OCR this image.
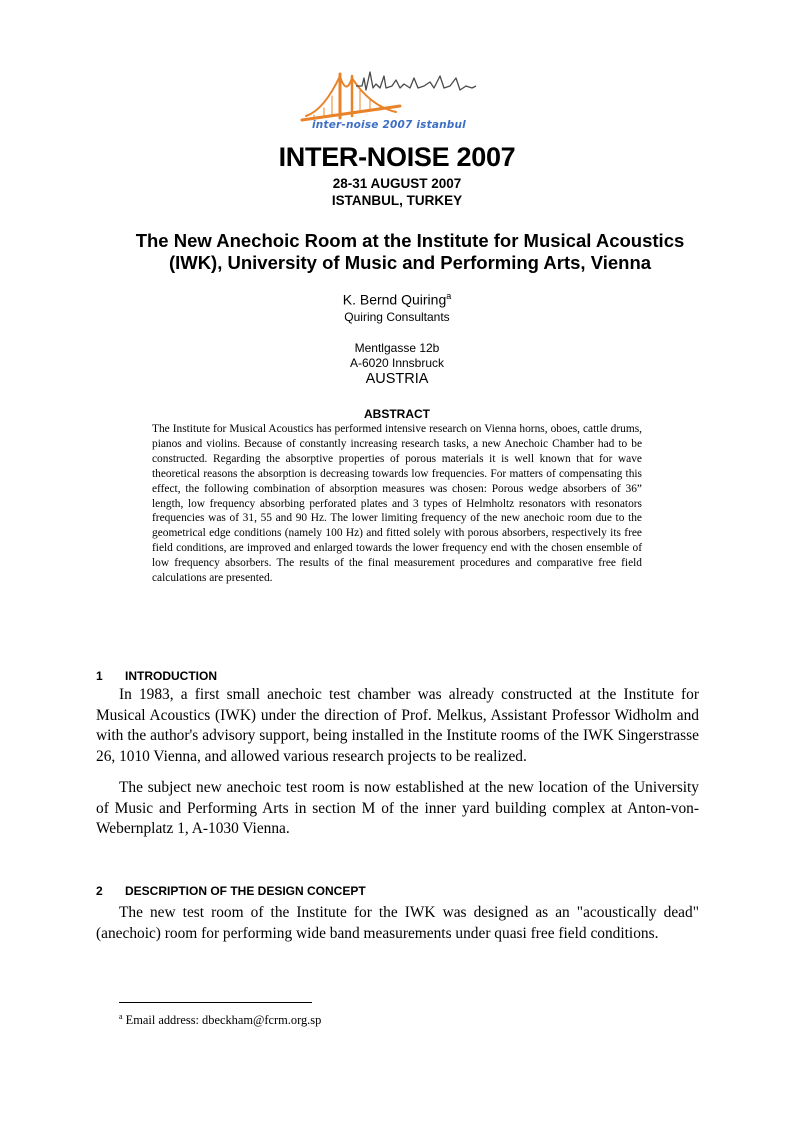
inter-noise 2007 istanbul
INTER-NOISE 2007
28-31 AUGUST 2007
ISTANBUL, TURKEY
The New Anechoic Room at the Institute for Musical Acoustics
(IWK), University of Music and Performing Arts, Vienna
K. Bernd Quiring$^a$
Quiring Consultants
Mentlgasse 12b
A-6020 Innsbruck
AUSTRIA
ABSTRACT
The Institute for Musical Acoustics has performed intensive research on Vienna horns, oboes, cattle drums, pianos and violins. Because of constantly increasing research tasks, a new Anechoic Chamber had to be constructed. Regarding the absorptive properties of porous materials it is well known that for wave theoretical reasons the absorption is decreasing towards low frequencies. For matters of compensating this effect, the following combination of absorption measures was chosen: Porous wedge absorbers of 36” length, low frequency absorbing perforated plates and 3 types of Helmholtz resonators with resonators frequencies was of 31, 55 and 90 Hz. The lower limiting frequency of the new anechoic room due to the geometrical edge conditions (namely 100 Hz) and fitted solely with porous absorbers, respectively its free field conditions, are improved and enlarged towards the lower frequency end with the chosen ensemble of low frequency absorbers. The results of the final measurement procedures and comparative free field calculations are presented.
1 INTRODUCTION
In 1983, a first small anechoic test chamber was already constructed at the Institute for Musical Acoustics (IWK) under the direction of Prof. Melkus, Assistant Professor Widholm and with the author's advisory support, being installed in the Institute rooms of the IWK Singerstrasse 26, 1010 Vienna, and allowed various research projects to be realized.
The subject new anechoic test room is now established at the new location of the University of Music and Performing Arts in section M of the inner yard building complex at Anton-von-Webernplatz 1, A-1030 Vienna.
2 DESCRIPTION OF THE DESIGN CONCEPT
The new test room of the Institute for the IWK was designed as an "acoustically dead" (anechoic) room for performing wide band measurements under quasi free field conditions.
$^a$ Email address: dbeckham@fcrm.org.sp
